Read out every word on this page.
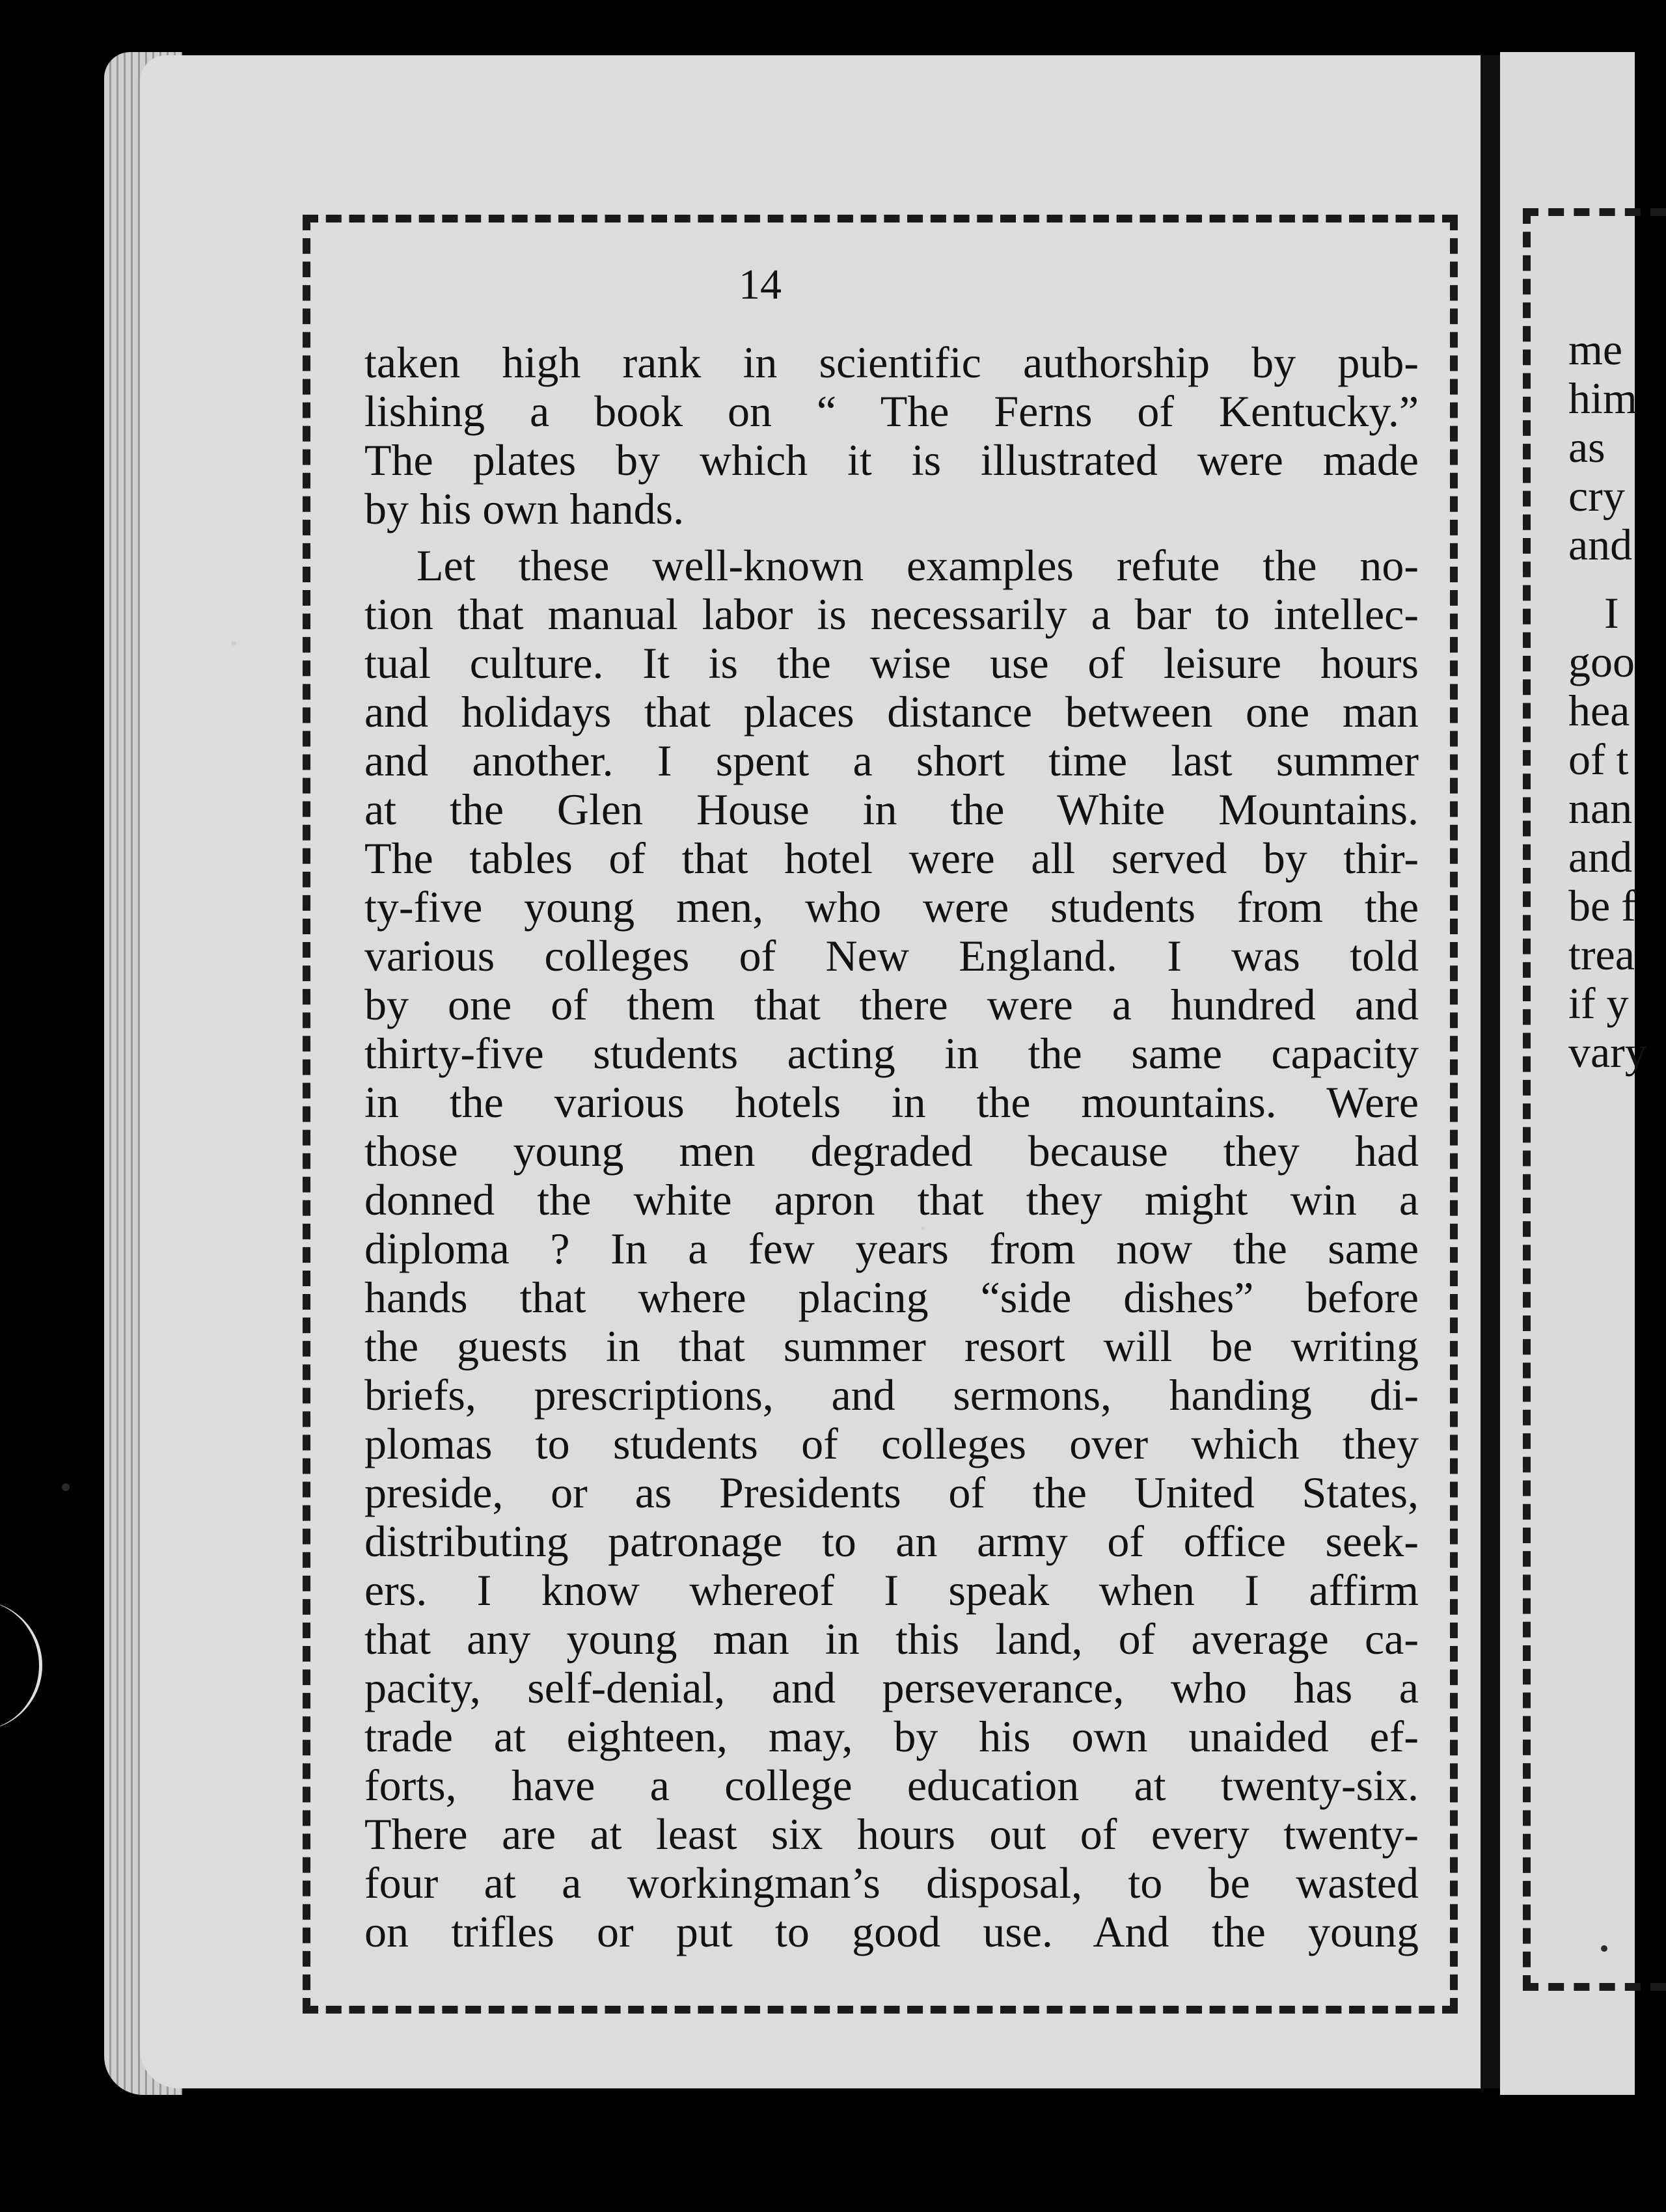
14
taken high rank in scientific authorship by pub-
lishing a book on “ The Ferns of Kentucky.”
The plates by which it is illustrated were made
by his own hands.
Let these well-known examples refute the no-
tion that manual labor is necessarily a bar to intellec-
tual culture. It is the wise use of leisure hours
and holidays that places distance between one man
and another. I spent a short time last summer
at the Glen House in the White Mountains.
The tables of that hotel were all served by thir-
ty-five young men, who were students from the
various colleges of New England. I was told
by one of them that there were a hundred and
thirty-five students acting in the same capacity
in the various hotels in the mountains. Were
those young men degraded because they had
donned the white apron that they might win a
diploma ? In a few years from now the same
hands that where placing “side dishes” before
the guests in that summer resort will be writing
briefs, prescriptions, and sermons, handing di-
plomas to students of colleges over which they
preside, or as Presidents of the United States,
distributing patronage to an army of office seek-
ers. I know whereof I speak when I affirm
that any young man in this land, of average ca-
pacity, self-denial, and perseverance, who has a
trade at eighteen, may, by his own unaided ef-
forts, have a college education at twenty-six.
There are at least six hours out of every twenty-
four at a workingman’s disposal, to be wasted
on trifles or put to good use. And the young
me
him
as
cry
and
I
goo
hea
of t
nan
and
be f
trea
if y
vary
